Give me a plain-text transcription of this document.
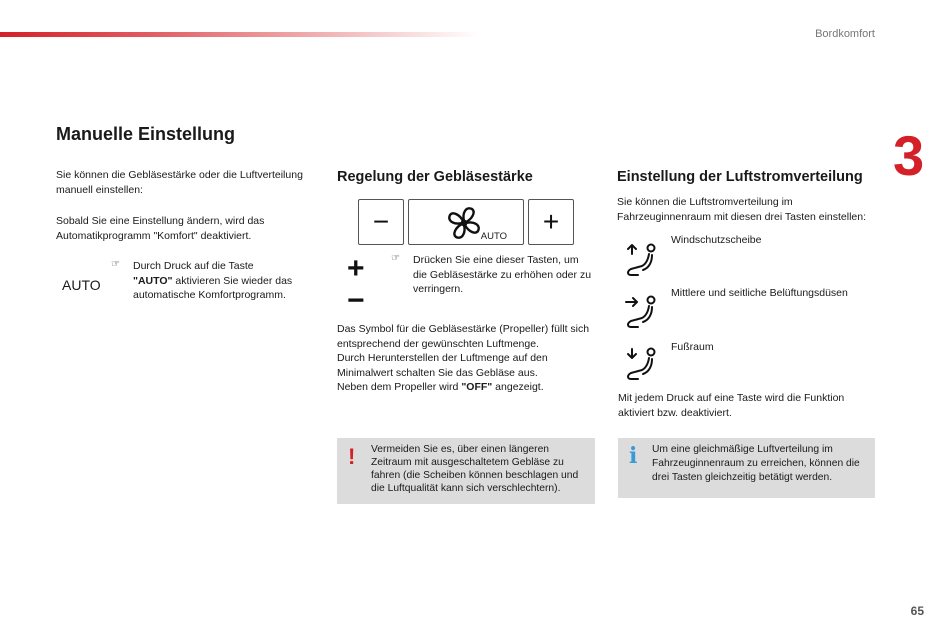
Bordkomfort
3
65
Manuelle Einstellung
Sie können die Gebläsestärke oder die Luftverteilung
manuell einstellen:
Sobald Sie eine Einstellung ändern, wird das
Automatikprogramm "Komfort" deaktiviert.
AUTO
☞ Durch Druck auf die Taste
"AUTO" aktivieren Sie wieder das
automatische Komfortprogramm.
Regelung der Gebläsestärke
−	AUTO	+
+
−
☞ Drücken Sie eine dieser Tasten, um
die Gebläsestärke zu erhöhen oder zu
verringern.
Das Symbol für die Gebläsestärke (Propeller) füllt sich
entsprechend der gewünschten Luftmenge.
Durch Herunterstellen der Luftmenge auf den
Minimalwert schalten Sie das Gebläse aus.
Neben dem Propeller wird "OFF" angezeigt.
! Vermeiden Sie es, über einen längeren
Zeitraum mit ausgeschaltetem Gebläse zu
fahren (die Scheiben können beschlagen und
die Luftqualität kann sich verschlechtern).
Einstellung der Luftstromverteilung
Sie können die Luftstromverteilung im
Fahrzeuginnenraum mit diesen drei Tasten einstellen:
Windschutzscheibe
Mittlere und seitliche Belüftungsdüsen
Fußraum
Mit jedem Druck auf eine Taste wird die Funktion
aktiviert bzw. deaktiviert.
i Um eine gleichmäßige Luftverteilung im
Fahrzeuginnenraum zu erreichen, können die
drei Tasten gleichzeitig betätigt werden.
